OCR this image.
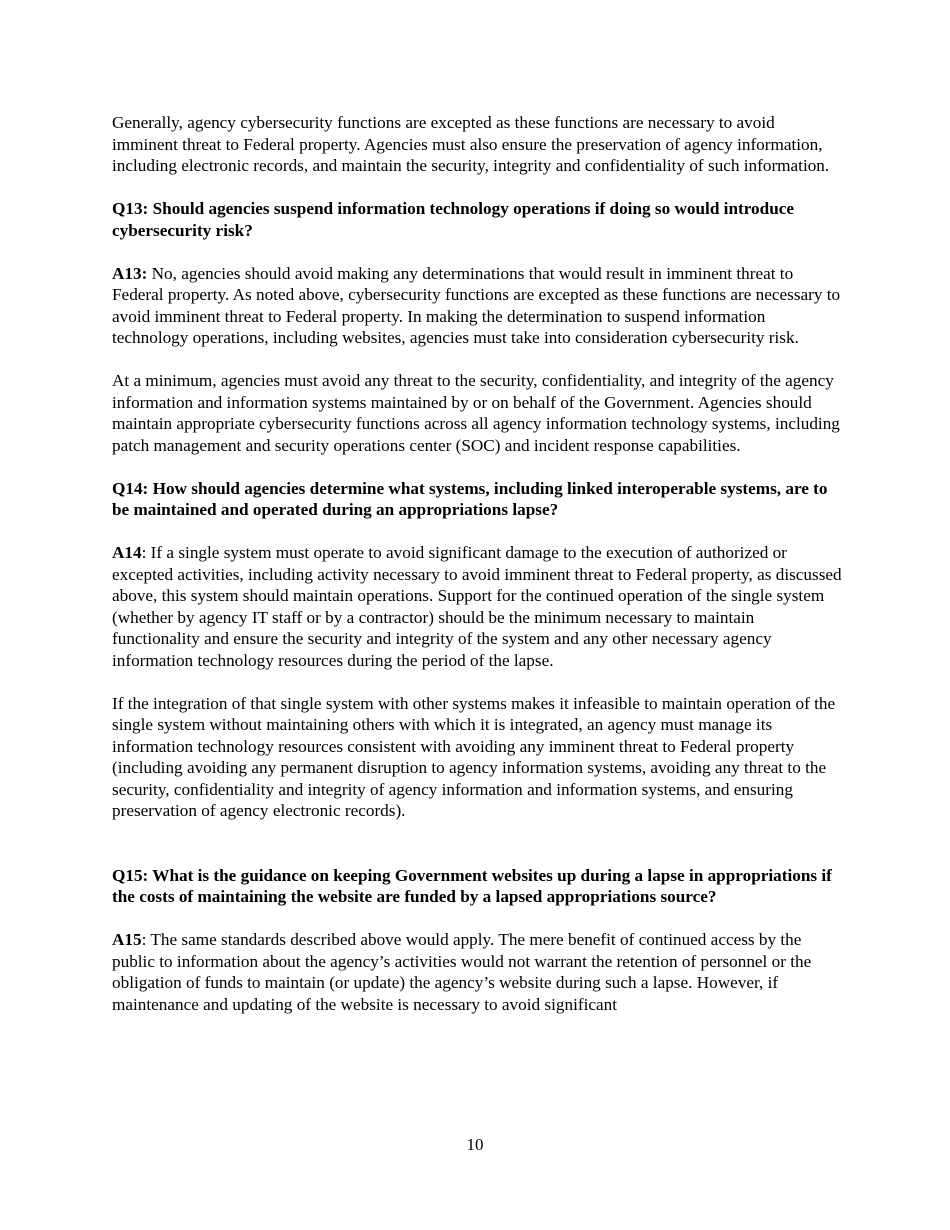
Generally, agency cybersecurity functions are excepted as these functions are necessary to avoid imminent threat to Federal property. Agencies must also ensure the preservation of agency information, including electronic records, and maintain the security, integrity and confidentiality of such information.

Q13: Should agencies suspend information technology operations if doing so would introduce cybersecurity risk?

A13: No, agencies should avoid making any determinations that would result in imminent threat to Federal property. As noted above, cybersecurity functions are excepted as these functions are necessary to avoid imminent threat to Federal property. In making the determination to suspend information technology operations, including websites, agencies must take into consideration cybersecurity risk.

At a minimum, agencies must avoid any threat to the security, confidentiality, and integrity of the agency information and information systems maintained by or on behalf of the Government. Agencies should maintain appropriate cybersecurity functions across all agency information technology systems, including patch management and security operations center (SOC) and incident response capabilities.

Q14: How should agencies determine what systems, including linked interoperable systems, are to be maintained and operated during an appropriations lapse?

A14: If a single system must operate to avoid significant damage to the execution of authorized or excepted activities, including activity necessary to avoid imminent threat to Federal property, as discussed above, this system should maintain operations. Support for the continued operation of the single system (whether by agency IT staff or by a contractor) should be the minimum necessary to maintain functionality and ensure the security and integrity of the system and any other necessary agency information technology resources during the period of the lapse.

If the integration of that single system with other systems makes it infeasible to maintain operation of the single system without maintaining others with which it is integrated, an agency must manage its information technology resources consistent with avoiding any imminent threat to Federal property (including avoiding any permanent disruption to agency information systems, avoiding any threat to the security, confidentiality and integrity of agency information and information systems, and ensuring preservation of agency electronic records).

Q15: What is the guidance on keeping Government websites up during a lapse in appropriations if the costs of maintaining the website are funded by a lapsed appropriations source?

A15: The same standards described above would apply. The mere benefit of continued access by the public to information about the agency’s activities would not warrant the retention of personnel or the obligation of funds to maintain (or update) the agency’s website during such a lapse. However, if maintenance and updating of the website is necessary to avoid significant

10
